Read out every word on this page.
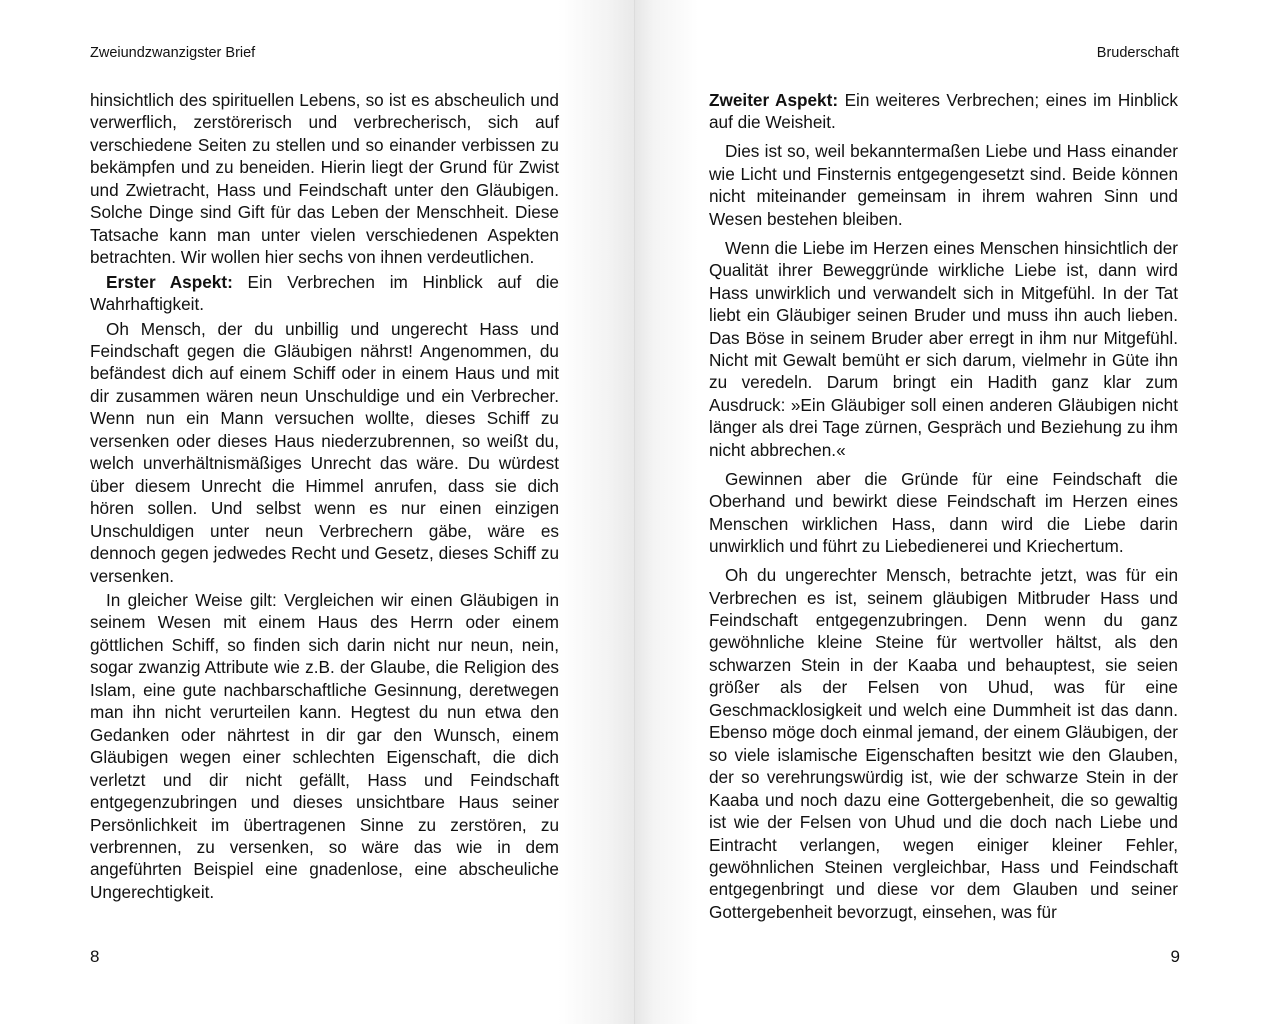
Zweiundzwanzigster Brief

hinsichtlich des spirituellen Lebens, so ist es abscheulich und verwerflich, zerstörerisch und verbrecherisch, sich auf verschiedene Seiten zu stellen und so einander verbissen zu bekämpfen und zu beneiden. Hierin liegt der Grund für Zwist und Zwietracht, Hass und Feindschaft unter den Gläubigen. Solche Dinge sind Gift für das Leben der Menschheit. Diese Tatsache kann man unter vielen verschiedenen Aspekten betrachten. Wir wollen hier sechs von ihnen verdeutlichen.

Erster Aspekt: Ein Verbrechen im Hinblick auf die Wahrhaftigkeit.

Oh Mensch, der du unbillig und ungerecht Hass und Feindschaft gegen die Gläubigen nährst! Angenommen, du befändest dich auf einem Schiff oder in einem Haus und mit dir zusammen wären neun Unschuldige und ein Verbrecher. Wenn nun ein Mann versuchen wollte, dieses Schiff zu versenken oder dieses Haus niederzubrennen, so weißt du, welch unverhältnismäßiges Unrecht das wäre. Du würdest über diesem Unrecht die Himmel anrufen, dass sie dich hören sollen. Und selbst wenn es nur einen einzigen Unschuldigen unter neun Verbrechern gäbe, wäre es dennoch gegen jedwedes Recht und Gesetz, dieses Schiff zu versenken.

In gleicher Weise gilt: Vergleichen wir einen Gläubigen in seinem Wesen mit einem Haus des Herrn oder einem göttlichen Schiff, so finden sich darin nicht nur neun, nein, sogar zwanzig Attribute wie z.B. der Glaube, die Religion des Islam, eine gute nachbarschaftliche Gesinnung, deretwegen man ihn nicht verurteilen kann. Hegtest du nun etwa den Gedanken oder nährtest in dir gar den Wunsch, einem Gläubigen wegen einer schlechten Eigenschaft, die dich verletzt und dir nicht gefällt, Hass und Feindschaft entgegenzubringen und dieses unsichtbare Haus seiner Persönlichkeit im übertragenen Sinne zu zerstören, zu verbrennen, zu versenken, so wäre das wie in dem angeführten Beispiel eine gnadenlose, eine abscheuliche Ungerechtigkeit.

8
Bruderschaft

Zweiter Aspekt: Ein weiteres Verbrechen; eines im Hinblick auf die Weisheit.

Dies ist so, weil bekanntermaßen Liebe und Hass einander wie Licht und Finsternis entgegengesetzt sind. Beide können nicht miteinander gemeinsam in ihrem wahren Sinn und Wesen bestehen bleiben.

Wenn die Liebe im Herzen eines Menschen hinsichtlich der Qualität ihrer Beweggründe wirkliche Liebe ist, dann wird Hass unwirklich und verwandelt sich in Mitgefühl. In der Tat liebt ein Gläubiger seinen Bruder und muss ihn auch lieben. Das Böse in seinem Bruder aber erregt in ihm nur Mitgefühl. Nicht mit Gewalt bemüht er sich darum, vielmehr in Güte ihn zu veredeln. Darum bringt ein Hadith ganz klar zum Ausdruck: »Ein Gläubiger soll einen anderen Gläubigen nicht länger als drei Tage zürnen, Gespräch und Beziehung zu ihm nicht abbrechen.«

Gewinnen aber die Gründe für eine Feindschaft die Oberhand und bewirkt diese Feindschaft im Herzen eines Menschen wirklichen Hass, dann wird die Liebe darin unwirklich und führt zu Liebedienerei und Kriechertum.

Oh du ungerechter Mensch, betrachte jetzt, was für ein Verbrechen es ist, seinem gläubigen Mitbruder Hass und Feindschaft entgegenzubringen. Denn wenn du ganz gewöhnliche kleine Steine für wertvoller hältst, als den schwarzen Stein in der Kaaba und behauptest, sie seien größer als der Felsen von Uhud, was für eine Geschmacklosigkeit und welch eine Dummheit ist das dann. Ebenso möge doch einmal jemand, der einem Gläubigen, der so viele islamische Eigenschaften besitzt wie den Glauben, der so verehrungswürdig ist, wie der schwarze Stein in der Kaaba und noch dazu eine Gottergebenheit, die so gewaltig ist wie der Felsen von Uhud und die doch nach Liebe und Eintracht verlangen, wegen einiger kleiner Fehler, gewöhnlichen Steinen vergleichbar, Hass und Feindschaft entgegenbringt und diese vor dem Glauben und seiner Gottergebenheit bevorzugt, einsehen, was für

9
